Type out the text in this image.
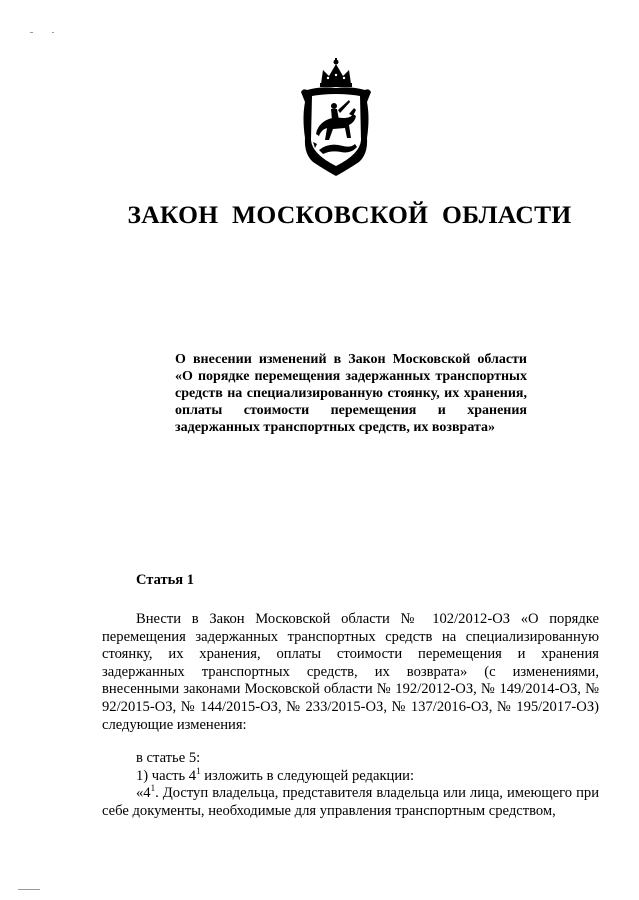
ЗАКОН МОСКОВСКОЙ ОБЛАСТИ

О внесении изменений в Закон Московской области «О порядке перемещения задержанных транспортных средств на специализированную стоянку, их хранения, оплаты стоимости перемещения и хранения задержанных транспортных средств, их возврата»

Статья 1

Внести в Закон Московской области № 102/2012-ОЗ «О порядке перемещения задержанных транспортных средств на специализированную стоянку, их хранения, оплаты стоимости перемещения и хранения задержанных транспортных средств, их возврата» (с изменениями, внесенными законами Московской области № 192/2012-ОЗ, № 149/2014-ОЗ, № 92/2015-ОЗ, № 144/2015-ОЗ, № 233/2015-ОЗ, № 137/2016-ОЗ, № 195/2017-ОЗ) следующие изменения:

в статье 5:

1) часть $4^1$ изложить в следующей редакции:

«$4^1$. Доступ владельца, представителя владельца или лица, имеющего при себе документы, необходимые для управления транспортным средством,
